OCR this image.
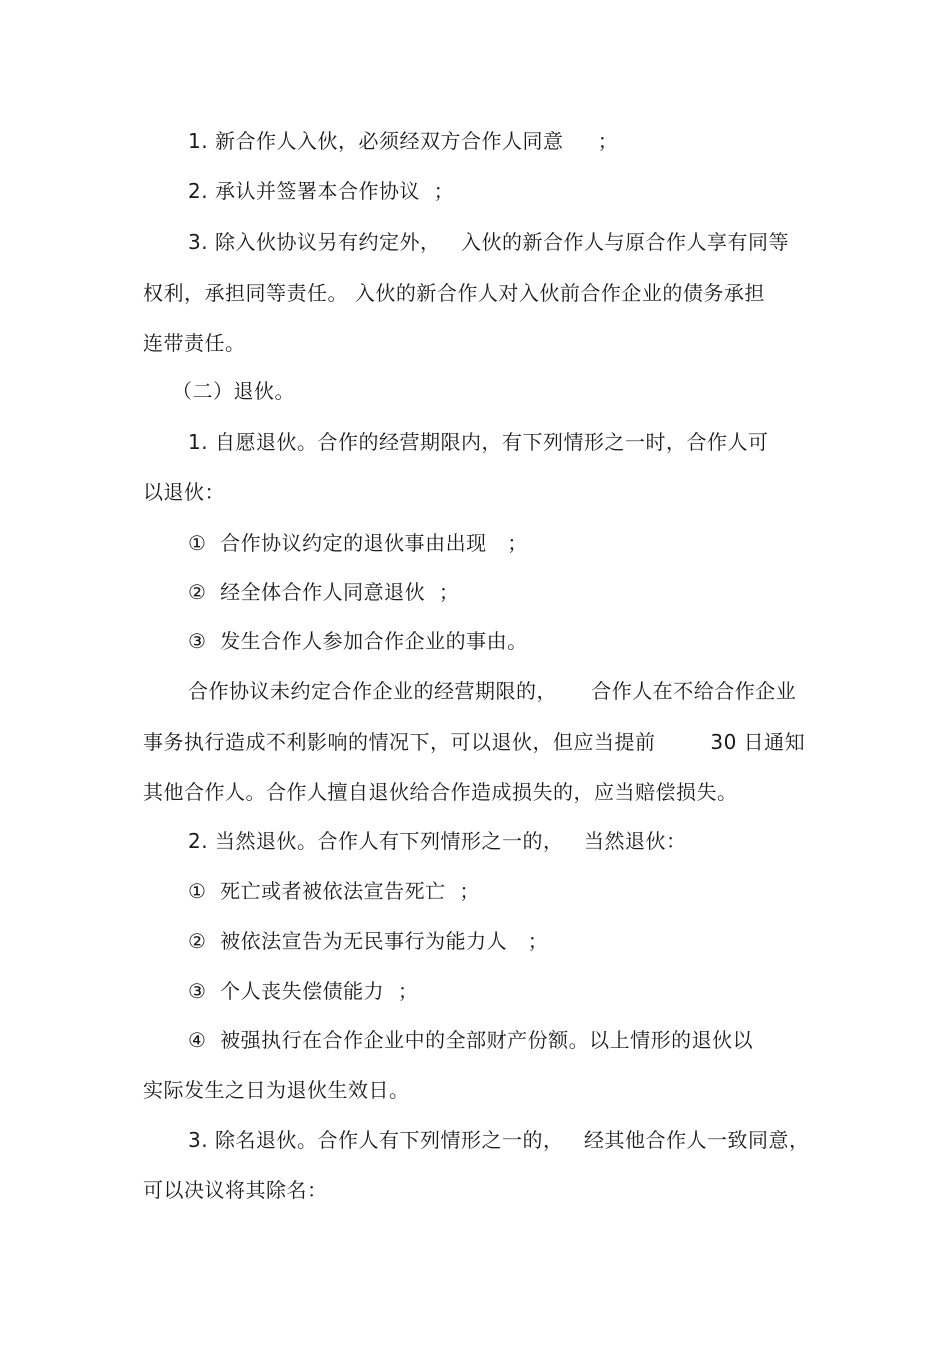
1. 新合作人入伙，必须经双方合作人同意     ；
2. 承认并签署本合作协议  ；
3. 除入伙协议另有约定外，   入伙的新合作人与原合作人享有同等
权利，承担同等责任。 入伙的新合作人对入伙前合作企业的债务承担
连带责任。
（二）退伙。
1. 自愿退伙。合作的经营期限内，有下列情形之一时，合作人可
以退伙：
①  合作协议约定的退伙事由出现   ；
②  经全体合作人同意退伙  ；
③  发生合作人参加合作企业的事由。
合作协议未约定合作企业的经营期限的，     合作人在不给合作企业
事务执行造成不利影响的情况下，可以退伙，但应当提前        30 日通知
其他合作人。合作人擅自退伙给合作造成损失的，应当赔偿损失。
2. 当然退伙。合作人有下列情形之一的，   当然退伙：
①  死亡或者被依法宣告死亡  ；
②  被依法宣告为无民事行为能力人   ；
③  个人丧失偿债能力  ；
④  被强执行在合作企业中的全部财产份额。以上情形的退伙以
实际发生之日为退伙生效日。
3. 除名退伙。合作人有下列情形之一的，   经其他合作人一致同意，
可以决议将其除名：
